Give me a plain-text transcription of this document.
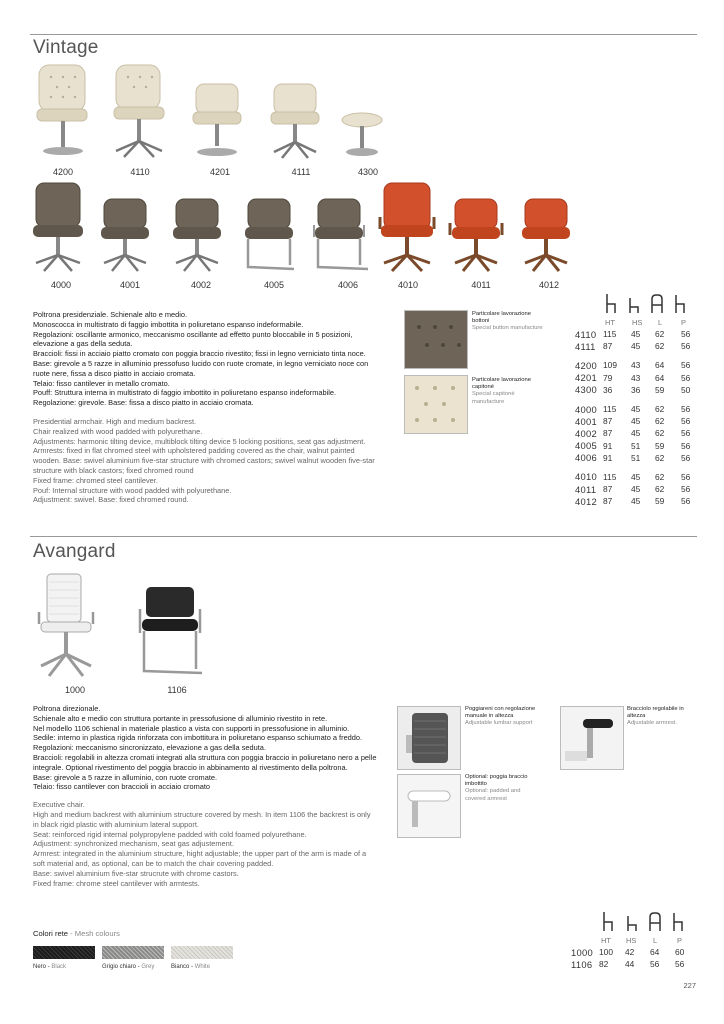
Vintage
4200	4110	4201	4111	4300
4000	4001	4002	4005	4006	4010	4011	4012

Poltrona presidenziale. Schienale alto e medio.

Monoscocca in multistrato di faggio imbottita in poliuretano espanso indeformabile.

Regolazioni: oscillante armonico, meccanismo oscillante ad effetto punto bloccabile in 5 posizioni, elevazione a gas della seduta.

Braccioli: fissi in acciaio piatto cromato con poggia braccio rivestito; fissi in legno verniciato tinta noce.

Base: girevole a 5 razze in alluminio pressofuso lucido con ruote cromate, in legno verniciato noce con ruote nere, fissa a disco piatto in acciaio cromata.

Telaio: fisso cantilever in metallo cromato.

Pouff: Struttura interna in multistrato di faggio imbottito in poliuretano espanso indeformabile.

Regolazione: girevole. Base: fissa a disco piatto in acciaio cromata.

Presidential armchair. High and medium backrest.

Chair realized with wood padded with polyurethane.

Adjustments: harmonic tilting device, multiblock tilting device 5 locking positions, seat gas adjustment.

Armrests: fixed in flat chromed steel with upholstered padding covered as the chair, walnut painted wooden. Base: swivel aluminium five-star structure with chromed castors; swivel walnut wooden five-star structure with black castors; fixed chromed round

Fixed frame: chromed steel cantilever.

Pouf: Internal structure with wood padded with polyurethane.

Adjustment: swivel. Base: fixed chromed round.

Particolare lavorazione bottoni
Special button manufacture
Particolare lavorazione capitoné
Special capitoné manufacture
HT HS L	P
4110	115	45	62	56
4111	87	45	62	56
4200	109	43	64	56
4201	79	43	64	56
4300	36	36	59	50
4000	115	45	62	56
4001	87	45	62	56
4002	87	45	62	56
4005	91	51	59	56
4006	91	51	62	56
4010	115	45	62	56
4011	87	45	62	56
4012	87	45	59	56
Avangard
1000	1106

Poltrona direzionale.

Schienale alto e medio con struttura portante in pressofusione di alluminio rivestito in rete.

Nel modello 1106 schienal in materiale plastico a vista con supporti in pressofusione in alluminio.

Sedile: interno in plastica rigida rinforzata con imbottitura in poliuretano espanso schiumato a freddo.

Regolazioni: meccanismo sincronizzato, elevazione a gas della seduta.

Braccioli: regolabili in altezza cromati integrati alla struttura con poggia braccio in poliuretano nero a pelle integrale. Optional rivestimento del poggia braccio in abbinamento al rivestimento della poltrona.

Base: girevole a 5 razze in alluminio, con ruote cromate.

Telaio: fisso cantilever con braccioli in acciaio cromato

Executive chair.

High and medium backrest with aluminium structure covered by mesh. In item 1106 the backrest is only in black rigid plastic with aluminium lateral support.

Seat: reinforced rigid internal polypropylene padded with cold foamed polyurethane.

Adjustment: synchronized mechanism, seat gas adjustement.

Armrest: integrated in the aluminium structure, hight adjustable; the upper part of the arm is made of a soft material and, as optional, can be to match the chair covering padded.

Base: swivel aluminium five-star strucrute with chrome castors.

Fixed frame: chrome steel cantilever with armtests.

Poggiareni con regolazione manuale in altezza
Adjustable lumbar support
Optional: poggia braccio imbottito
Optional: padded and covered armrest
Bracciolo regolabile in altezza
Adjustable armrest.
Colori rete - Mesh colours
Nero - Black	Grigio chiaro - Grey	Bianco - White
HT HS L	P
1000	100	42	64	60
1106	82	44	56	56
227
